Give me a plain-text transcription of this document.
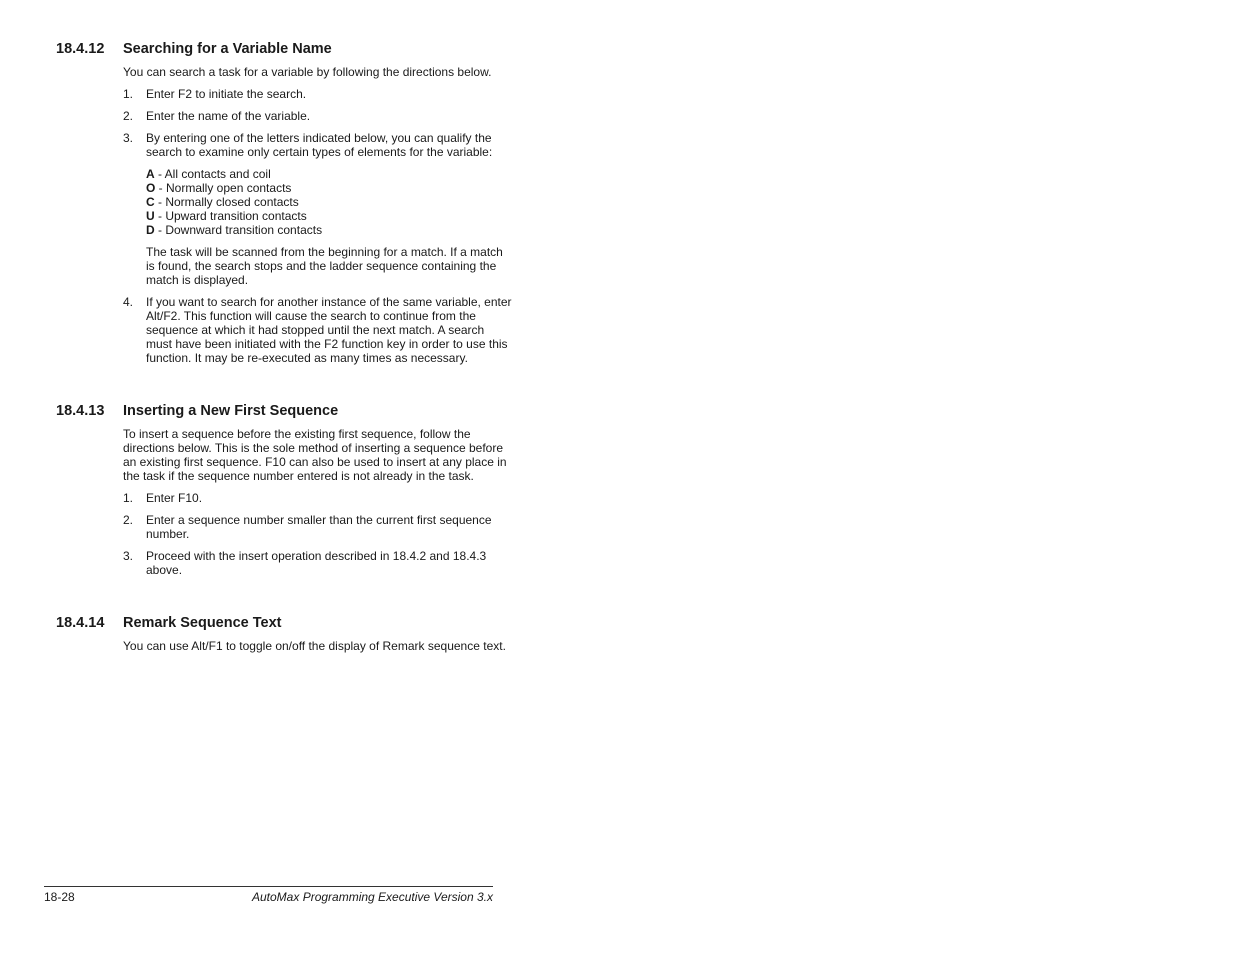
18.4.12 Searching for a Variable Name

You can search a task for a variable by following the directions below.

1. Enter F2 to initiate the search.
2. Enter the name of the variable.
3. By entering one of the letters indicated below, you can qualify the search to examine only certain types of elements for the variable:
A - All contacts and coil
O - Normally open contacts
C - Normally closed contacts
U - Upward transition contacts
D - Downward transition contacts

The task will be scanned from the beginning for a match. If a match is found, the search stops and the ladder sequence containing the match is displayed.

4. If you want to search for another instance of the same variable, enter Alt/F2. This function will cause the search to continue from the sequence at which it had stopped until the next match. A search must have been initiated with the F2 function key in order to use this function. It may be re-executed as many times as necessary.
18.4.13 Inserting a New First Sequence

To insert a sequence before the existing first sequence, follow the directions below. This is the sole method of inserting a sequence before an existing first sequence. F10 can also be used to insert at any place in the task if the sequence number entered is not already in the task.

1. Enter F10.
2. Enter a sequence number smaller than the current first sequence number.
3. Proceed with the insert operation described in 18.4.2 and 18.4.3 above.
18.4.14 Remark Sequence Text

You can use Alt/F1 to toggle on/off the display of Remark sequence text.

18-28	AutoMax Programming Executive Version 3.x
